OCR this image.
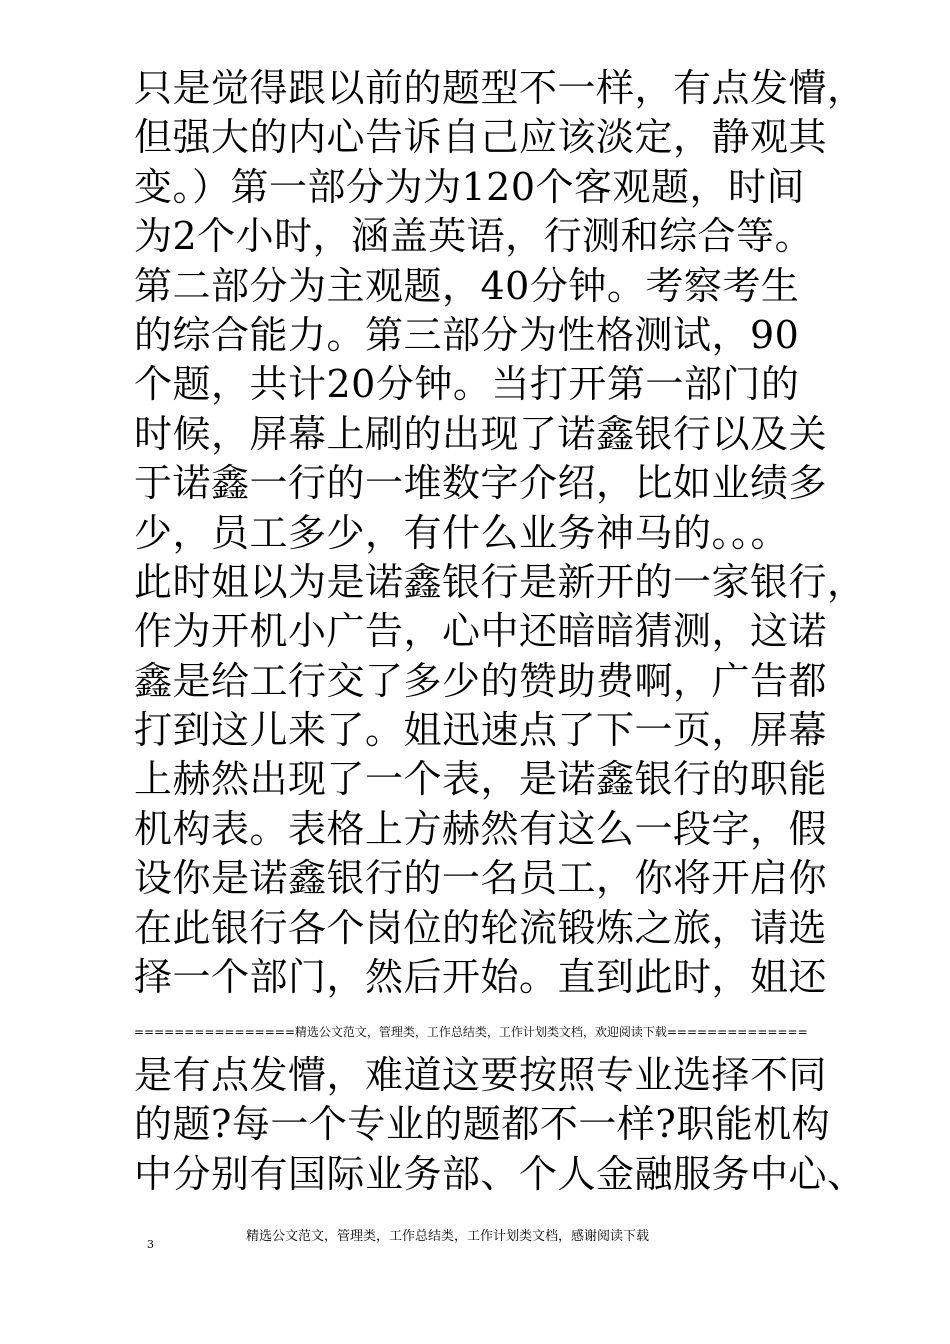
只是觉得跟以前的题型不一样，有点发懵，
但强大的内心告诉自己应该淡定，静观其
变。）第一部分为为120个客观题，时间
为2个小时，涵盖英语，行测和综合等。
第二部分为主观题，40分钟。考察考生
的综合能力。第三部分为性格测试，90
个题，共计20分钟。当打开第一部门的
时候，屏幕上刷的出现了诺鑫银行以及关
于诺鑫一行的一堆数字介绍，比如业绩多
少，员工多少，有什么业务神马的。。。
此时姐以为是诺鑫银行是新开的一家银行，
作为开机小广告，心中还暗暗猜测，这诺
鑫是给工行交了多少的赞助费啊，广告都
打到这儿来了。姐迅速点了下一页，屏幕
上赫然出现了一个表，是诺鑫银行的职能
机构表。表格上方赫然有这么一段字，假
设你是诺鑫银行的一名员工，你将开启你
在此银行各个岗位的轮流锻炼之旅，请选
择一个部门，然后开始。直到此时，姐还
================精选公文范文，管理类，工作总结类，工作计划类文档，欢迎阅读下载==============
是有点发懵，难道这要按照专业选择不同
的题?每一个专业的题都不一样?职能机构
中分别有国际业务部、个人金融服务中心、
精选公文范文，管理类，工作总结类，工作计划类文档，感谢阅读下载
3
